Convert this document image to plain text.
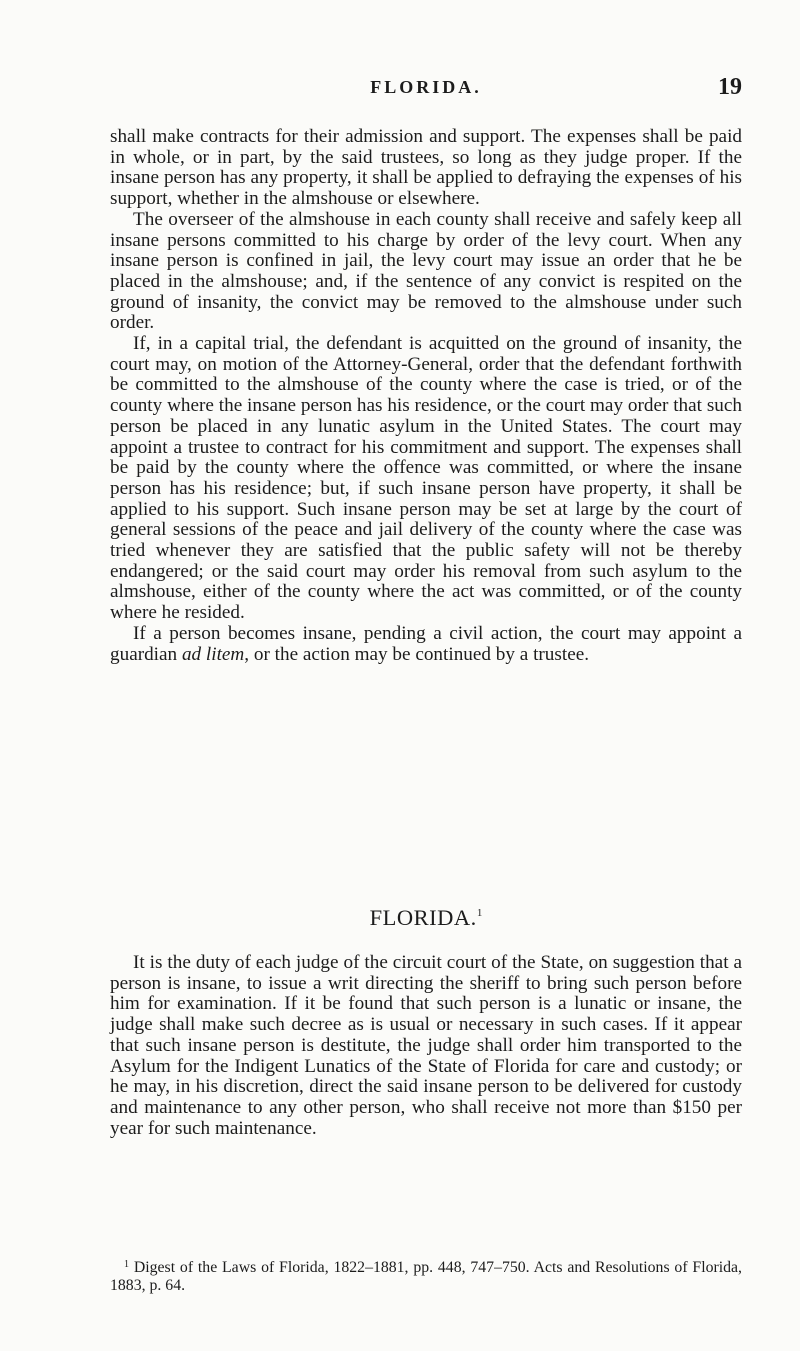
FLORIDA.	19

shall make contracts for their admission and support. The expenses shall be paid in whole, or in part, by the said trustees, so long as they judge proper. If the insane person has any property, it shall be applied to defraying the expenses of his support, whether in the almshouse or elsewhere.

The overseer of the almshouse in each county shall receive and safely keep all insane persons committed to his charge by order of the levy court. When any insane person is confined in jail, the levy court may issue an order that he be placed in the almshouse; and, if the sentence of any convict is respited on the ground of insanity, the convict may be removed to the almshouse under such order.

If, in a capital trial, the defendant is acquitted on the ground of insanity, the court may, on motion of the Attorney-General, order that the defendant forthwith be committed to the almshouse of the county where the case is tried, or of the county where the insane person has his residence, or the court may order that such person be placed in any lunatic asylum in the United States. The court may appoint a trustee to contract for his commitment and support. The expenses shall be paid by the county where the offence was committed, or where the insane person has his residence; but, if such insane person have property, it shall be applied to his support. Such insane person may be set at large by the court of general sessions of the peace and jail delivery of the county where the case was tried whenever they are satisfied that the public safety will not be thereby endangered; or the said court may order his removal from such asylum to the almshouse, either of the county where the act was committed, or of the county where he resided.

If a person becomes insane, pending a civil action, the court may appoint a guardian ad litem, or the action may be continued by a trustee.

FLORIDA.$^1$

It is the duty of each judge of the circuit court of the State, on suggestion that a person is insane, to issue a writ directing the sheriff to bring such person before him for examination. If it be found that such person is a lunatic or insane, the judge shall make such decree as is usual or necessary in such cases. If it appear that such insane person is destitute, the judge shall order him transported to the Asylum for the Indigent Lunatics of the State of Florida for care and custody; or he may, in his discretion, direct the said insane person to be delivered for custody and maintenance to any other person, who shall receive not more than $150 per year for such maintenance.

$^1$ Digest of the Laws of Florida, 1822–1881, pp. 448, 747–750. Acts and Resolutions of Florida, 1883, p. 64.
